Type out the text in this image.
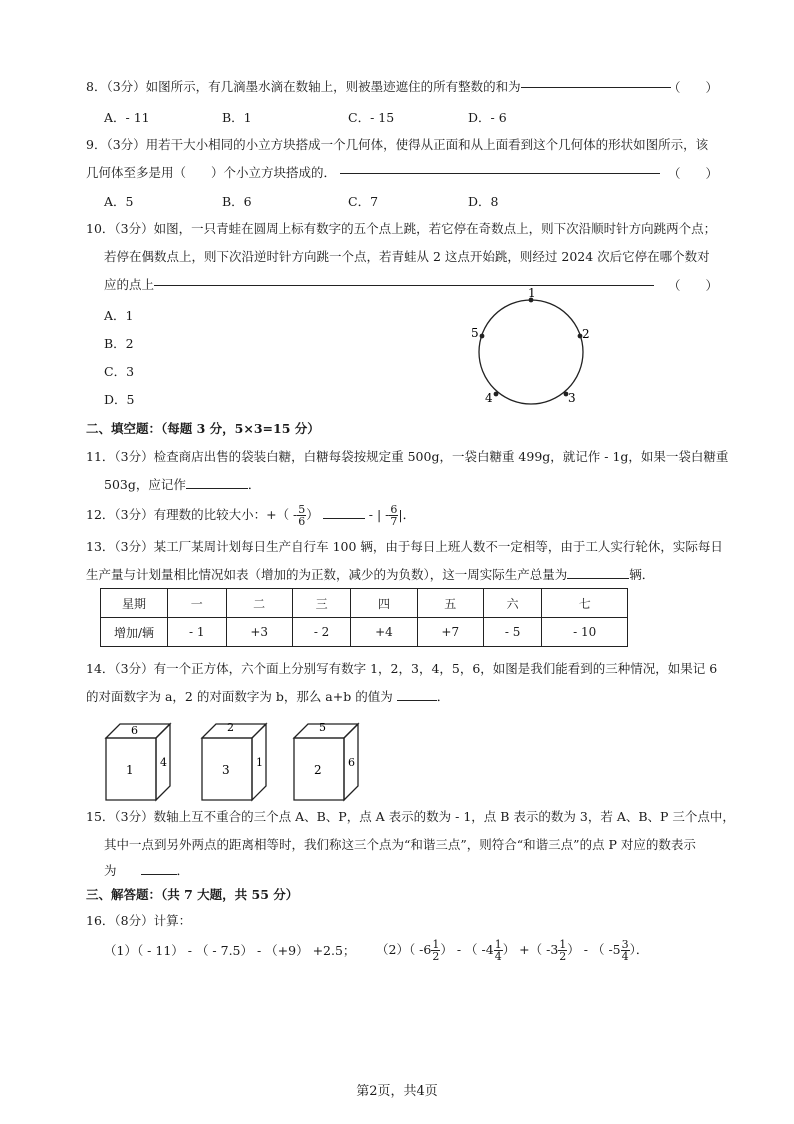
8．（3分）如图所示，有几滴墨水滴在数轴上，则被墨迹遮住的所有整数的和为	（　　）
A．- 11	B．1	C．- 15	D．- 6
9．（3分）用若干大小相同的小立方块搭成一个几何体，使得从正面和从上面看到这个几何体的形状如图所示，该
几何体至多是用（　　）个小立方块搭成的．	（　　）
A．5	B．6	C．7	D．8
10．（3分）如图，一只青蛙在圆周上标有数字的五个点上跳，若它停在奇数点上，则下次沿顺时针方向跳两个点；
若停在偶数点上，则下次沿逆时针方向跳一个点，若青蛙从 2 这点开始跳，则经过 2024 次后它停在哪个数对
应的点上	（　　）
A．1
B．2
C．3
D．5
1
2
3
4
5
二、填空题：（每题 3 分，5×3=15 分）
11．（3分）检查商店出售的袋装白糖，白糖每袋按规定重 500g，一袋白糖重 499g，就记作 - 1g，如果一袋白糖重
503g，应记作	．
12．（3分）有理数的比较大小：+（ - $\frac{5}{6}$ ）	- | - $\frac{6}{7}$ |．
13．（3分）某工厂某周计划每日生产自行车 100 辆，由于每日上班人数不一定相等，由于工人实行轮休，实际每日
生产量与计划量相比情况如表（增加的为正数，减少的为负数），这一周实际生产总量为	辆．
星期	一	二	三	四	五	六	七
增加/辆	- 1	+3	- 2	+4	+7	- 5	- 10
14．（3分）有一个正方体，六个面上分别写有数字 1，2，3，4，5，6，如图是我们能看到的三种情况，如果记 6
的对面数字为 a，2 的对面数字为 b，那么 a+b 的值为	．
6
1
4
2
3
1
5
2
6
15．（3分）数轴上互不重合的三个点 A、B、P，点 A 表示的数为 - 1，点 B 表示的数为 3，若 A、B、P 三个点中，
其中一点到另外两点的距离相等时，我们称这三个点为“和谐三点”，则符合“和谐三点”的点 P 对应的数表示
为	．
三、解答题：（共 7 大题，共 55 分）
16．（8分）计算：
（1）（ - 11） - （ - 7.5） - （+9） +2.5； （2）（ $-6 \frac{1}{2}$ ） - （ $-4 \frac{1}{4}$ ） +（ $-3 \frac{1}{2}$ ） - （ $-5 \frac{3}{4}$ ）．
第2页，共4页
